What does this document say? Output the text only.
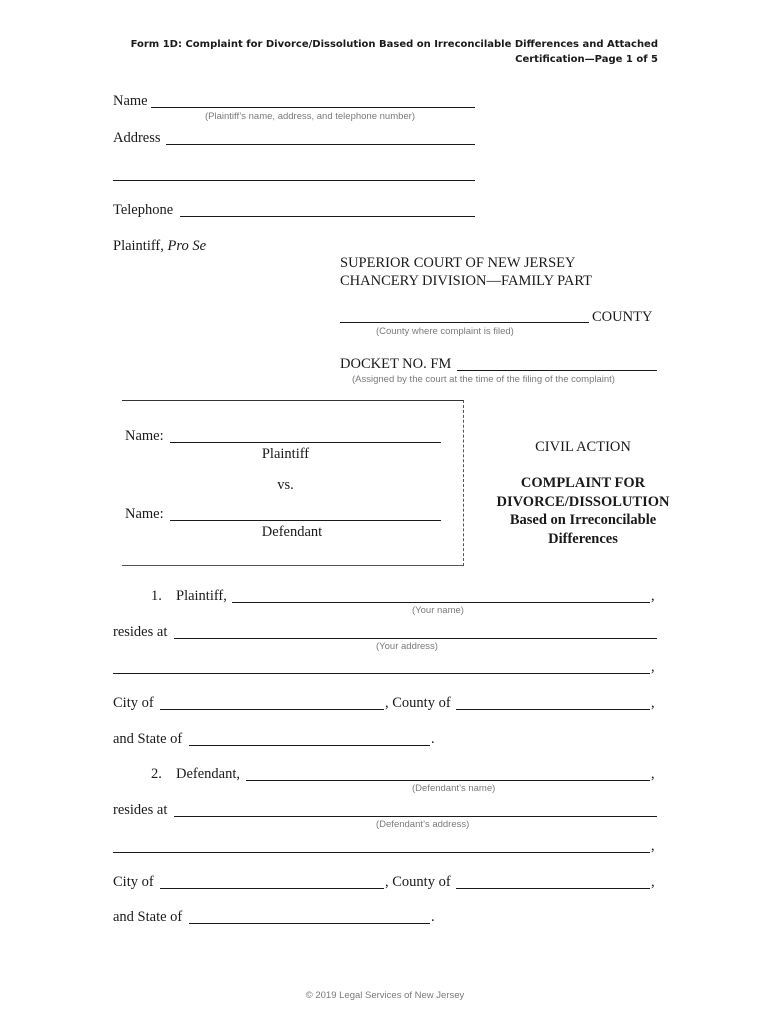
Form 1D: Complaint for Divorce/Dissolution Based on Irreconcilable Differences and Attached
Certification—Page 1 of 5
Name
(Plaintiff’s name, address, and telephone number)
Address
Telephone
Plaintiff, Pro Se
SUPERIOR COURT OF NEW JERSEY
CHANCERY DIVISION—FAMILY PART
COUNTY
(County where complaint is filed)
DOCKET NO. FM
(Assigned by the court at the time of the filing of the complaint)
Name:
Plaintiff
vs.
Name:
Defendant
CIVIL ACTION
COMPLAINT FOR
DIVORCE/DISSOLUTION
Based on Irreconcilable
Differences
1. Plaintiff,	,
(Your name)
resides at
(Your address)
,
City of	, County of	,
and State of	.
2. Defendant,	,
(Defendant’s name)
resides at
(Defendant’s address)
,
City of	, County of	,
and State of	.
© 2019 Legal Services of New Jersey
